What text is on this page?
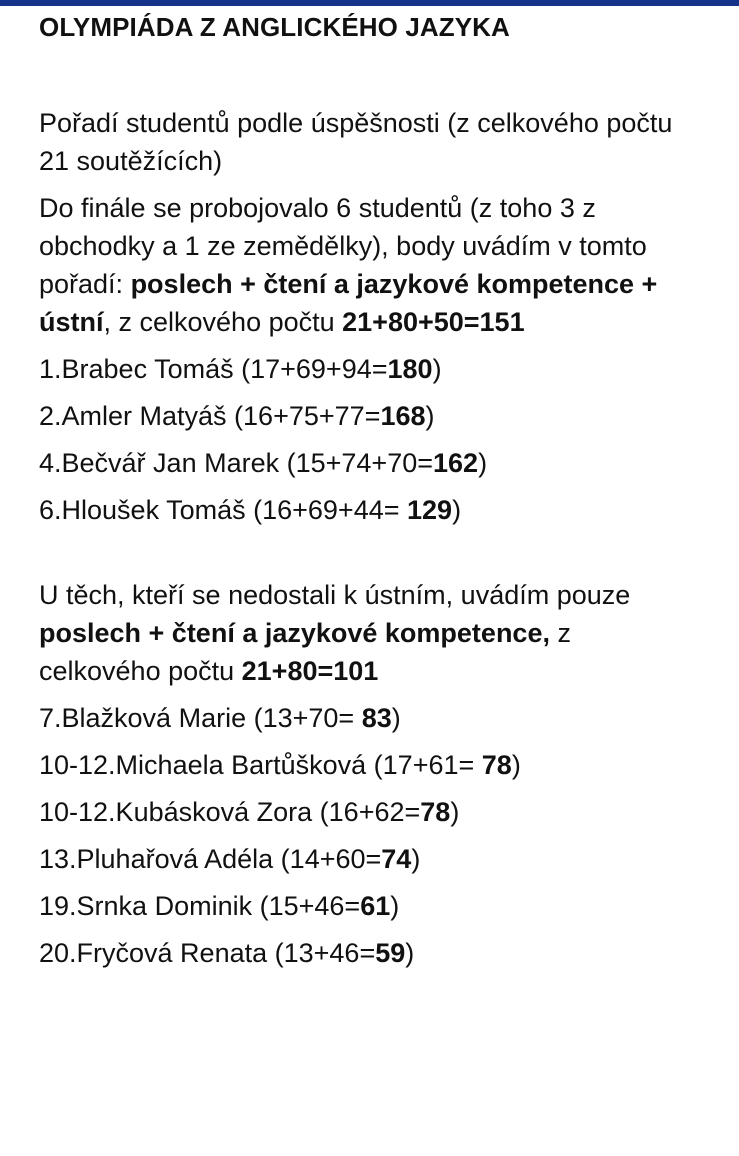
OLYMPIÁDA Z ANGLICKÉHO JAZYKA

Pořadí studentů podle úspěšnosti (z celkového počtu 21 soutěžících)

Do finále se probojovalo 6 studentů (z toho 3 z obchodky a 1 ze zemědělky), body uvádím v tomto pořadí: poslech + čtení a jazykové kompetence + ústní, z celkového počtu 21+80+50=151

1.Brabec Tomáš (17+69+94=180)

2.Amler Matyáš (16+75+77=168)

4.Bečvář Jan Marek (15+74+70=162)

6.Hloušek Tomáš (16+69+44= 129)

U těch, kteří se nedostali k ústním, uvádím pouze poslech + čtení a jazykové kompetence, z celkového počtu 21+80=101

7.Blažková Marie (13+70= 83)

10-12.Michaela Bartůšková (17+61= 78)

10-12.Kubásková Zora (16+62=78)

13.Pluhařová Adéla (14+60=74)

19.Srnka Dominik (15+46=61)

20.Fryčová Renata (13+46=59)
